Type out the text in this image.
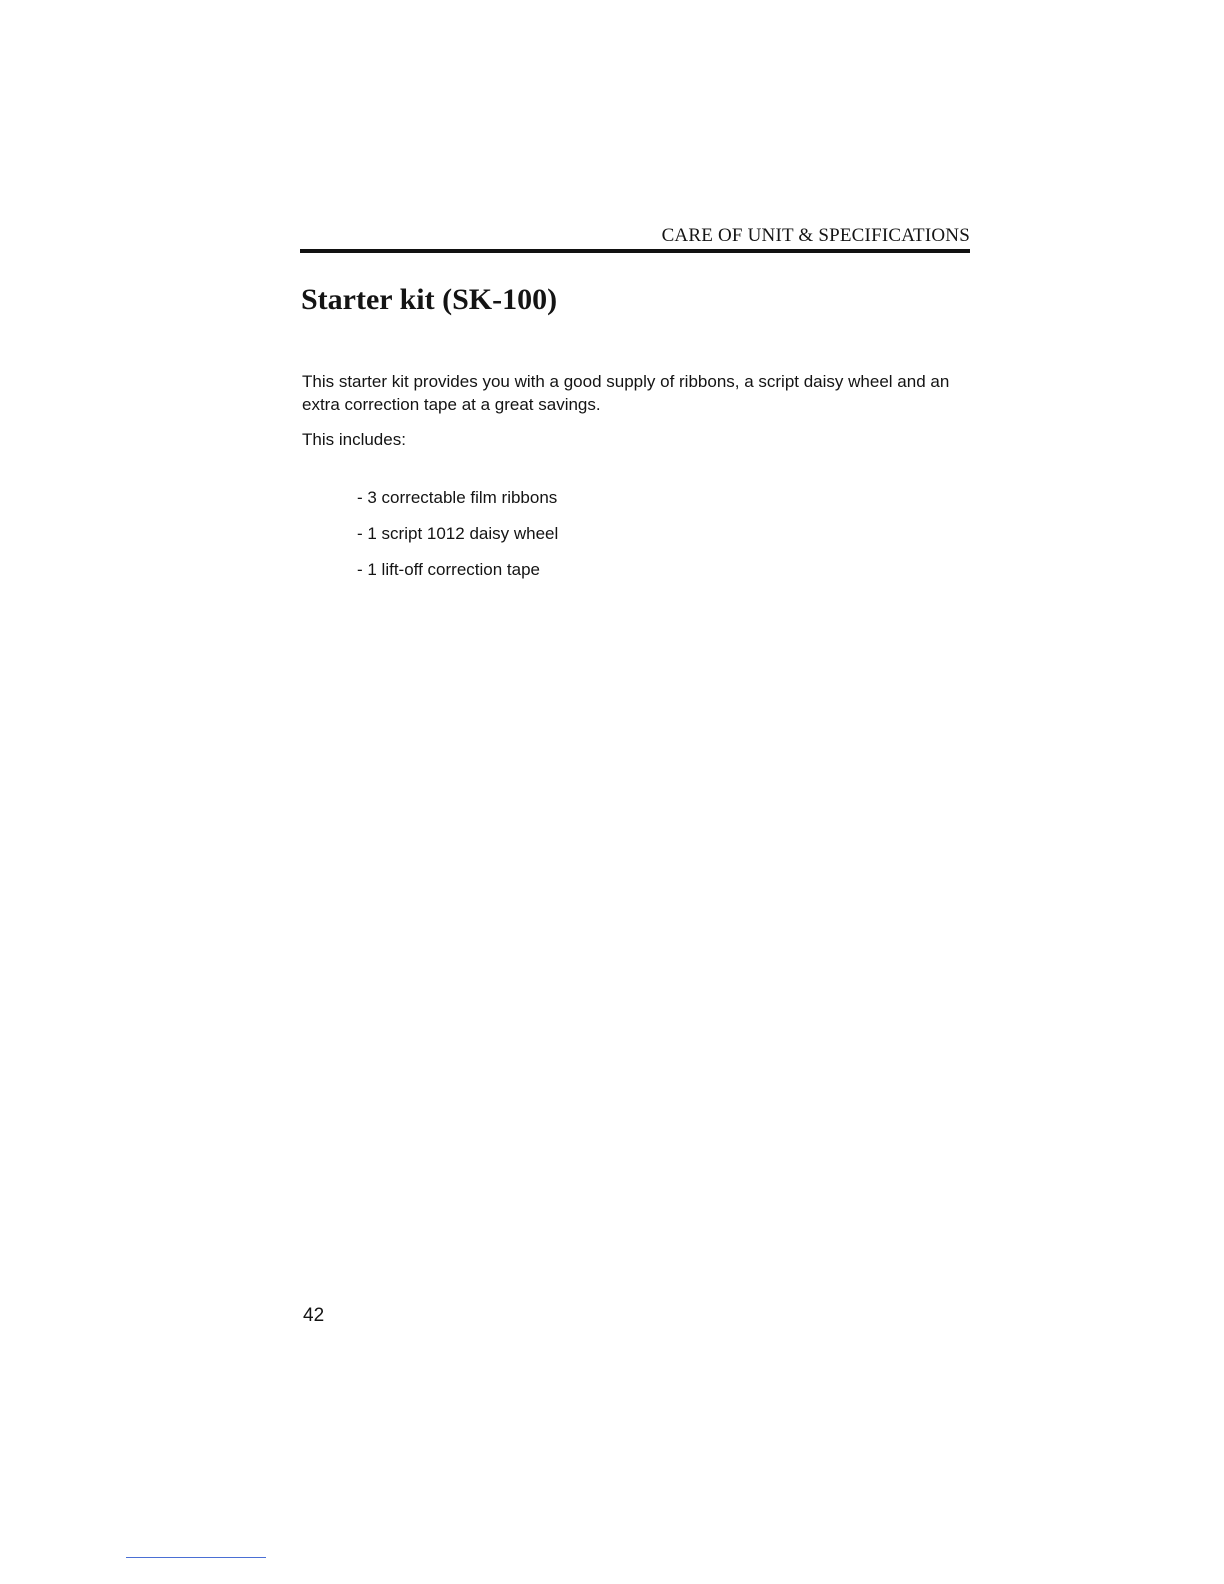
CARE OF UNIT & SPECIFICATIONS
Starter kit (SK-100)

This starter kit provides you with a good supply of ribbons, a script daisy wheel and an extra correction tape at a great savings.

This includes:

- 3 correctable film ribbons
- 1 script 1012 daisy wheel
- 1 lift-off correction tape
42
